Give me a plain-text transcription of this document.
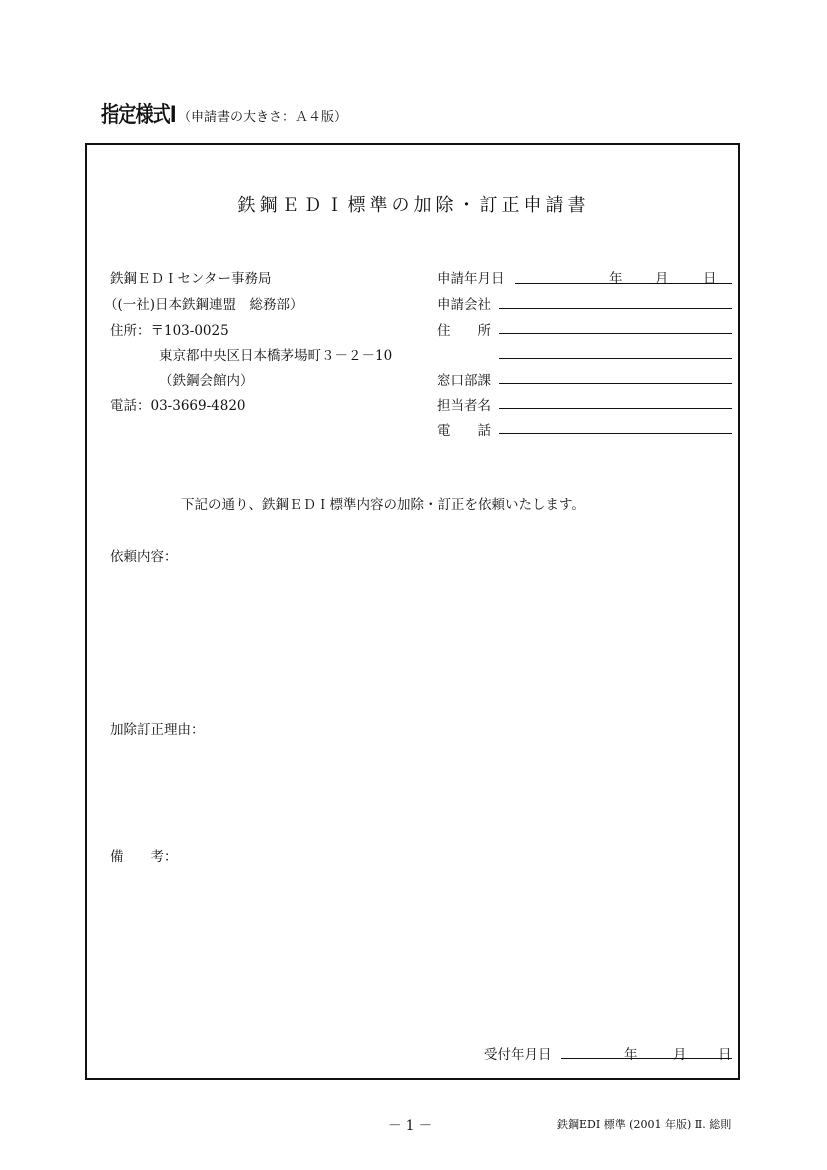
指定様式Ⅰ （申請書の大きさ：Ａ４版）
鉄鋼ＥＤＩ標準の加除・訂正申請書
鉄鋼ＥＤＩセンター事務局
（(一社)日本鉄鋼連盟　総務部）
住所：〒103-0025
東京都中央区日本橋茅場町３－２－10
（鉄鋼会館内）
電話：03-3669-4820
申請年月日	年 月	日
申請会社
住　　所
窓口部課
担当者名
電　　話
下記の通り、鉄鋼ＥＤＩ標準内容の加除・訂正を依頼いたします。
依頼内容：
加除訂正理由：
備　　考：
受付年月日	年	月 日
－ 1 －	鉄鋼EDI 標準 (2001 年版) Ⅱ. 総則
